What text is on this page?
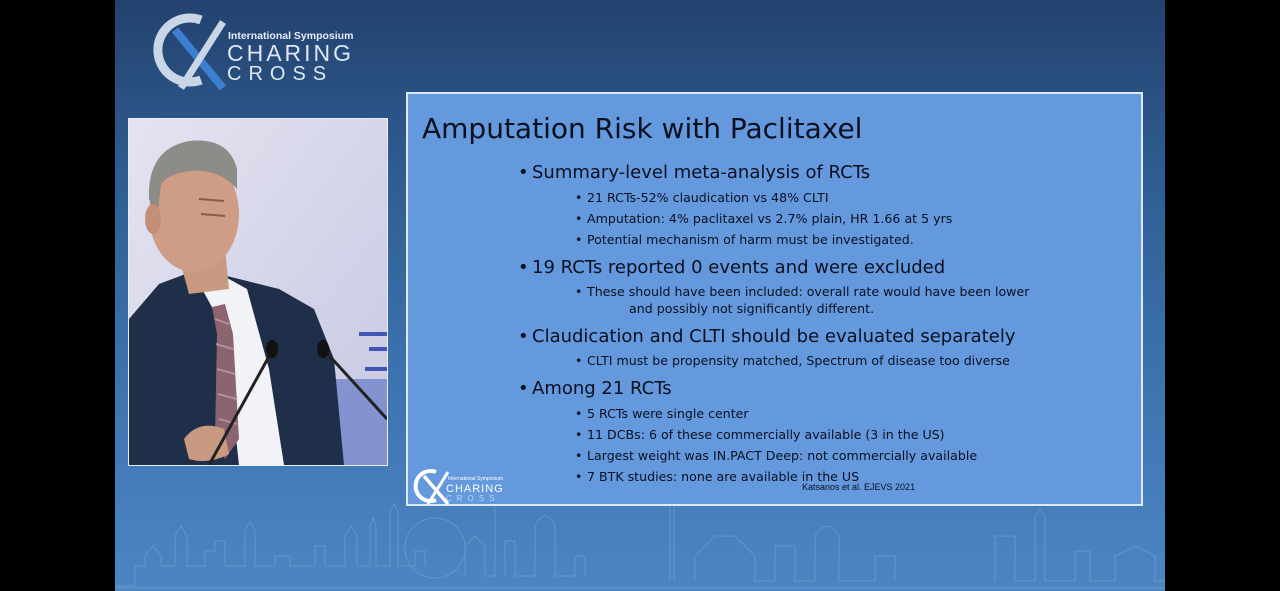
International Symposium
CHARING
CROSS
Amputation Risk with Paclitaxel
• Summary-level meta-analysis of RCTs
• 21 RCTs-52% claudication vs 48% CLTI
• Amputation: 4% paclitaxel vs 2.7% plain, HR 1.66 at 5 yrs
• Potential mechanism of harm must be investigated.
• 19 RCTs reported 0 events and were excluded
• These should have been included: overall rate would have been lower
and possibly not significantly different.
• Claudication and CLTI should be evaluated separately
• CLTI must be propensity matched, Spectrum of disease too diverse
• Among 21 RCTs
• 5 RCTs were single center
• 11 DCBs: 6 of these commercially available (3 in the US)
• Largest weight was IN.PACT Deep: not commercially available
• 7 BTK studies: none are available in the US
Katsanos et al. EJEVS 2021
International Symposium
CHARING
CROSS
